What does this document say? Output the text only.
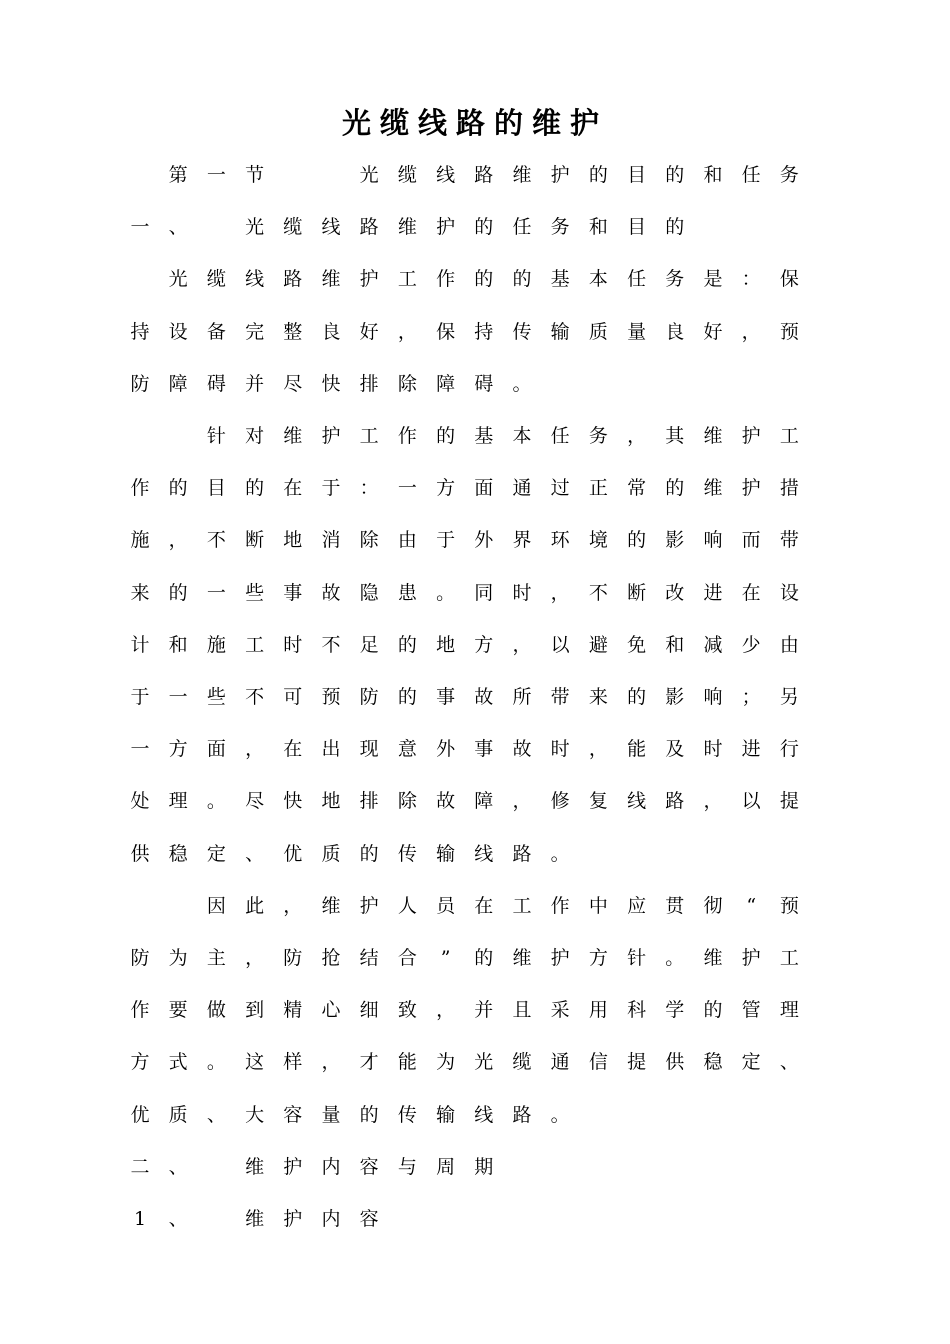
光缆线路的维护
第	一	节	光	缆	线	路	维	护	的	目	的	和	任	务
一	、	光	缆	线	路	维	护	的	任	务	和	目	的
光	缆	线	路	维	护	工	作	的	的	基	本	任	务	是	：	保
持	设	备	完	整	良	好	，	保	持	传	输	质	量	良	好	，	预
防	障	碍	并	尽	快	排	除	障	碍	。
针	对	维	护	工	作	的	基	本	任	务	，	其	维	护	工
作	的	目	的	在	于	：	一	方	面	通	过	正	常	的	维	护	措
施	，	不	断	地	消	除	由	于	外	界	环	境	的	影	响	而	带
来	的	一	些	事	故	隐	患	。	同	时	，	不	断	改	进	在	设
计	和	施	工	时	不	足	的	地	方	，	以	避	免	和	减	少	由
于	一	些	不	可	预	防	的	事	故	所	带	来	的	影	响	；	另
一	方	面	，	在	出	现	意	外	事	故	时	，	能	及	时	进	行
处	理	。	尽	快	地	排	除	故	障	，	修	复	线	路	，	以	提
供	稳	定	、	优	质	的	传	输	线	路	。
因	此	，	维	护	人	员	在	工	作	中	应	贯	彻	“	预
防	为	主	，	防	抢	结	合	”	的	维	护	方	针	。	维	护	工
作	要	做	到	精	心	细	致	，	并	且	采	用	科	学	的	管	理
方	式	。	这	样	，	才	能	为	光	缆	通	信	提	供	稳	定	、
优	质	、	大	容	量	的	传	输	线	路	。
二	、	维	护	内	容	与	周	期
1	、	维	护	内	容
